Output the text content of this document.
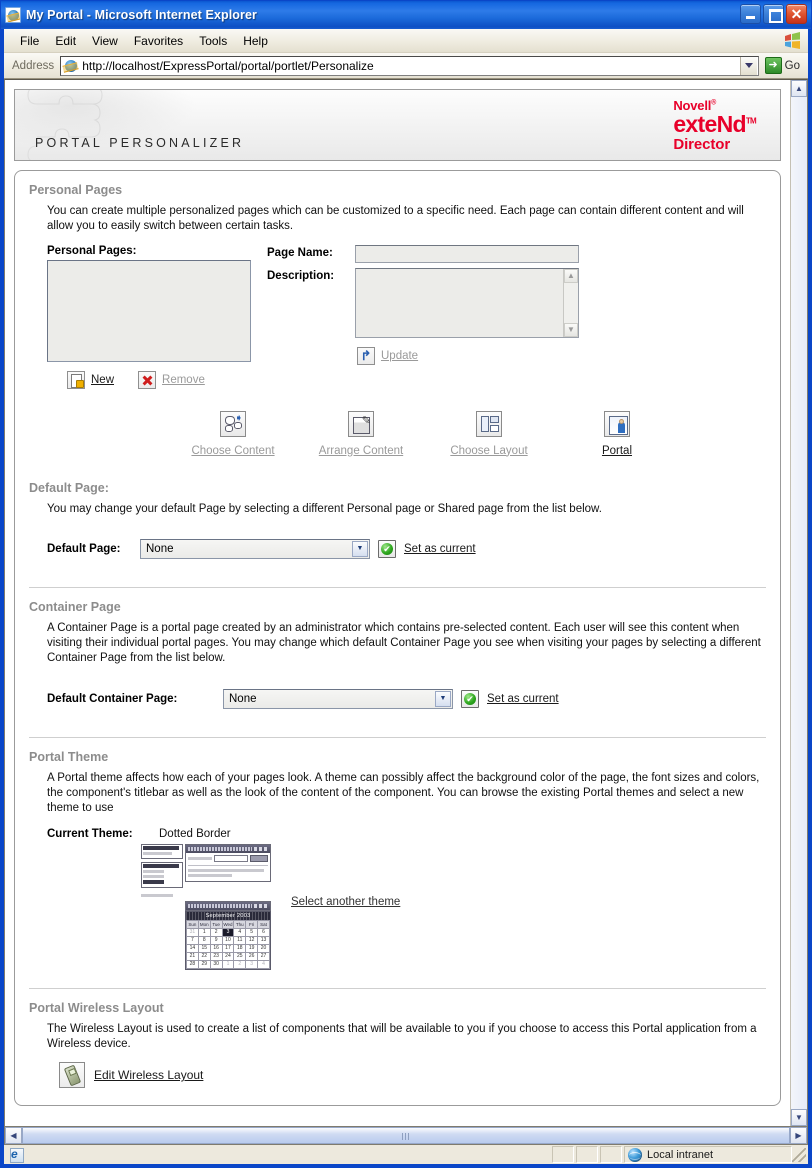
My Portal - Microsoft Internet Explorer	✕
File	Edit	View	Favorites	Tools	Help
Address	http://localhost/ExpressPortal/portal/portlet/Personalize ➜	Go
PORTAL PERSONALIZER
Novell®
exteNd™
Director
Personal Pages
You can create multiple personalized pages which can be customized to a specific need. Each page can contain different content and will allow you to easily switch between certain tasks.
Personal Pages:	Page Name:
Description:	▲
▼
↱
Update
New	Remove
➧
Choose Content
✎	Arrange Content	Choose Layout	Portal
Default Page:
You may change your default Page by selecting a different Personal page or Shared page from the list below.
Default Page:	None	▼ ✔	Set as current
Container Page
A Container Page is a portal page created by an administrator which contains pre-selected content. Each user will see this content when visiting their individual portal pages. You may change which default Container Page you see when visiting your pages by selecting a different Container Page from the list below.
Default Container Page:	None	▼ ✔	Set as current
Portal Theme
A Portal theme affects how each of your pages look. A theme can possibly affect the background color of the page, the font sizes and colors, the component's titlebar as well as the look of the content of the component. You can browse the existing Portal themes and select a new theme to use
Current Theme:	Dotted Border
September 2003
Sun	Mon	Tue	Wed	Thu	Fri	Sat
31	1	2	3	4	5	6
7	8	9	10	11	12	13
14	15	16	17	18	19	20
21	22	23	24	25	26	27
28	29	30	1	2	3	4
Select another theme
Portal Wireless Layout
The Wireless Layout is used to create a list of components that will be available to you if you choose to access this Portal application from a Wireless device.
Edit Wireless Layout
▲
▼
◀	▶
e
Local intranet
